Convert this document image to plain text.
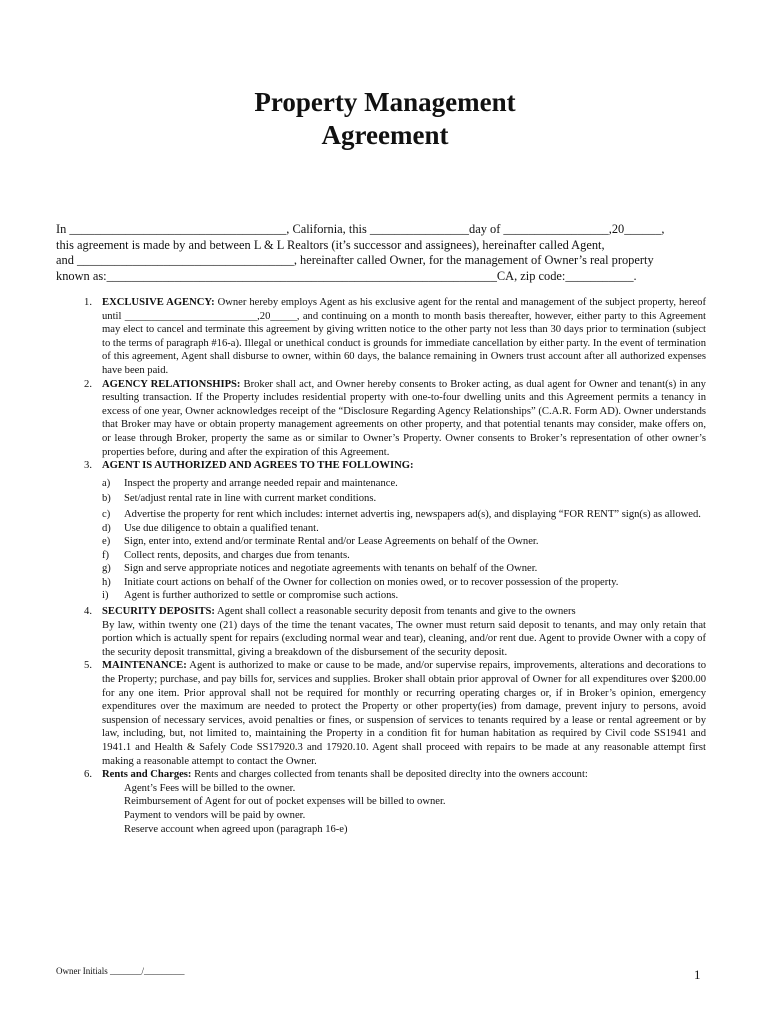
Property Management
Agreement

In ___________________________________, California, this ________________day of _________________,20______,

this agreement is made by and between L & L Realtors (it’s successor and assignees), hereinafter called Agent,

and ___________________________________, hereinafter called Owner, for the management of Owner’s real property

known as:_______________________________________________________________CA, zip code:___________.

1. EXCLUSIVE AGENCY: Owner hereby employs Agent as his exclusive agent for the rental and management of the subject property, hereof until _________________________,20_____, and continuing on a month to month basis thereafter, however, either party to this Agreement may elect to cancel and terminate this agreement by giving written notice to the other party not less than 30 days prior to termination (subject to the terms of paragraph #16-a). Illegal or unethical conduct is grounds for immediate cancellation by either party. In the event of termination of this agreement, Agent shall disburse to owner, within 60 days, the balance remaining in Owners trust account after all authorized expenses have been paid.
2. AGENCY RELATIONSHIPS: Broker shall act, and Owner hereby consents to Broker acting, as dual agent for Owner and tenant(s) in any resulting transaction. If the Property includes residential property with one-to-four dwelling units and this Agreement permits a tenancy in excess of one year, Owner acknowledges receipt of the “Disclosure Regarding Agency Relationships” (C.A.R. Form AD). Owner understands that Broker may have or obtain property management agreements on other property, and that potential tenants may consider, make offers on, or lease through Broker, property the same as or similar to Owner’s Property. Owner consents to Broker’s representation of other owner’s properties before, during and after the expiration of this Agreement.
3. AGENT IS AUTHORIZED AND AGREES TO THE FOLLOWING:
a) Inspect the property and arrange needed repair and maintenance.
b) Set/adjust rental rate in line with current market conditions.
c) Advertise the property for rent which includes: internet advertis ing, newspapers ad(s), and displaying “FOR RENT” sign(s) as allowed.
d) Use due diligence to obtain a qualified tenant.
e) Sign, enter into, extend and/or terminate Rental and/or Lease Agreements on behalf of the Owner.
f) Collect rents, deposits, and charges due from tenants.
g) Sign and serve appropriate notices and negotiate agreements with tenants on behalf of the Owner.
h) Initiate court actions on behalf of the Owner for collection on monies owed, or to recover possession of the property.
i) Agent is further authorized to settle or compromise such actions.
4. SECURITY DEPOSITS: Agent shall collect a reasonable security deposit from tenants and give to the owners
By law, within twenty one (21) days of the time the tenant vacates, The owner must return said deposit to tenants, and may only retain that portion which is actually spent for repairs (excluding normal wear and tear), cleaning, and/or rent due. Agent to provide Owner with a copy of the security deposit transmittal, giving a breakdown of the disbursement of the security deposit.
5. MAINTENANCE: Agent is authorized to make or cause to be made, and/or supervise repairs, improvements, alterations and decorations to the Property; purchase, and pay bills for, services and supplies. Broker shall obtain prior approval of Owner for all expenditures over $200.00 for any one item. Prior approval shall not be required for monthly or recurring operating charges or, if in Broker’s opinion, emergency expenditures over the maximum are needed to protect the Property or other property(ies) from damage, prevent injury to persons, avoid suspension of necessary services, avoid penalties or fines, or suspension of services to tenants required by a lease or rental agreement or by law, including, but, not limited to, maintaining the Property in a condition fit for human habitation as required by Civil code SS1941 and 1941.1 and Health & Safely Code SS17920.3 and 17920.10. Agent shall proceed with repairs to be made at any reasonable attempt first making a reasonable attempt to contact the Owner.
6. Rents and Charges: Rents and charges collected from tenants shall be deposited direclty into the owners account:

Agent’s Fees will be billed to the owner.

Reimbursement of Agent for out of pocket expenses will be billed to owner.

Payment to vendors will be paid by owner.

Reserve account when agreed upon (paragraph 16-e)

Owner Initials _______/_________	1
